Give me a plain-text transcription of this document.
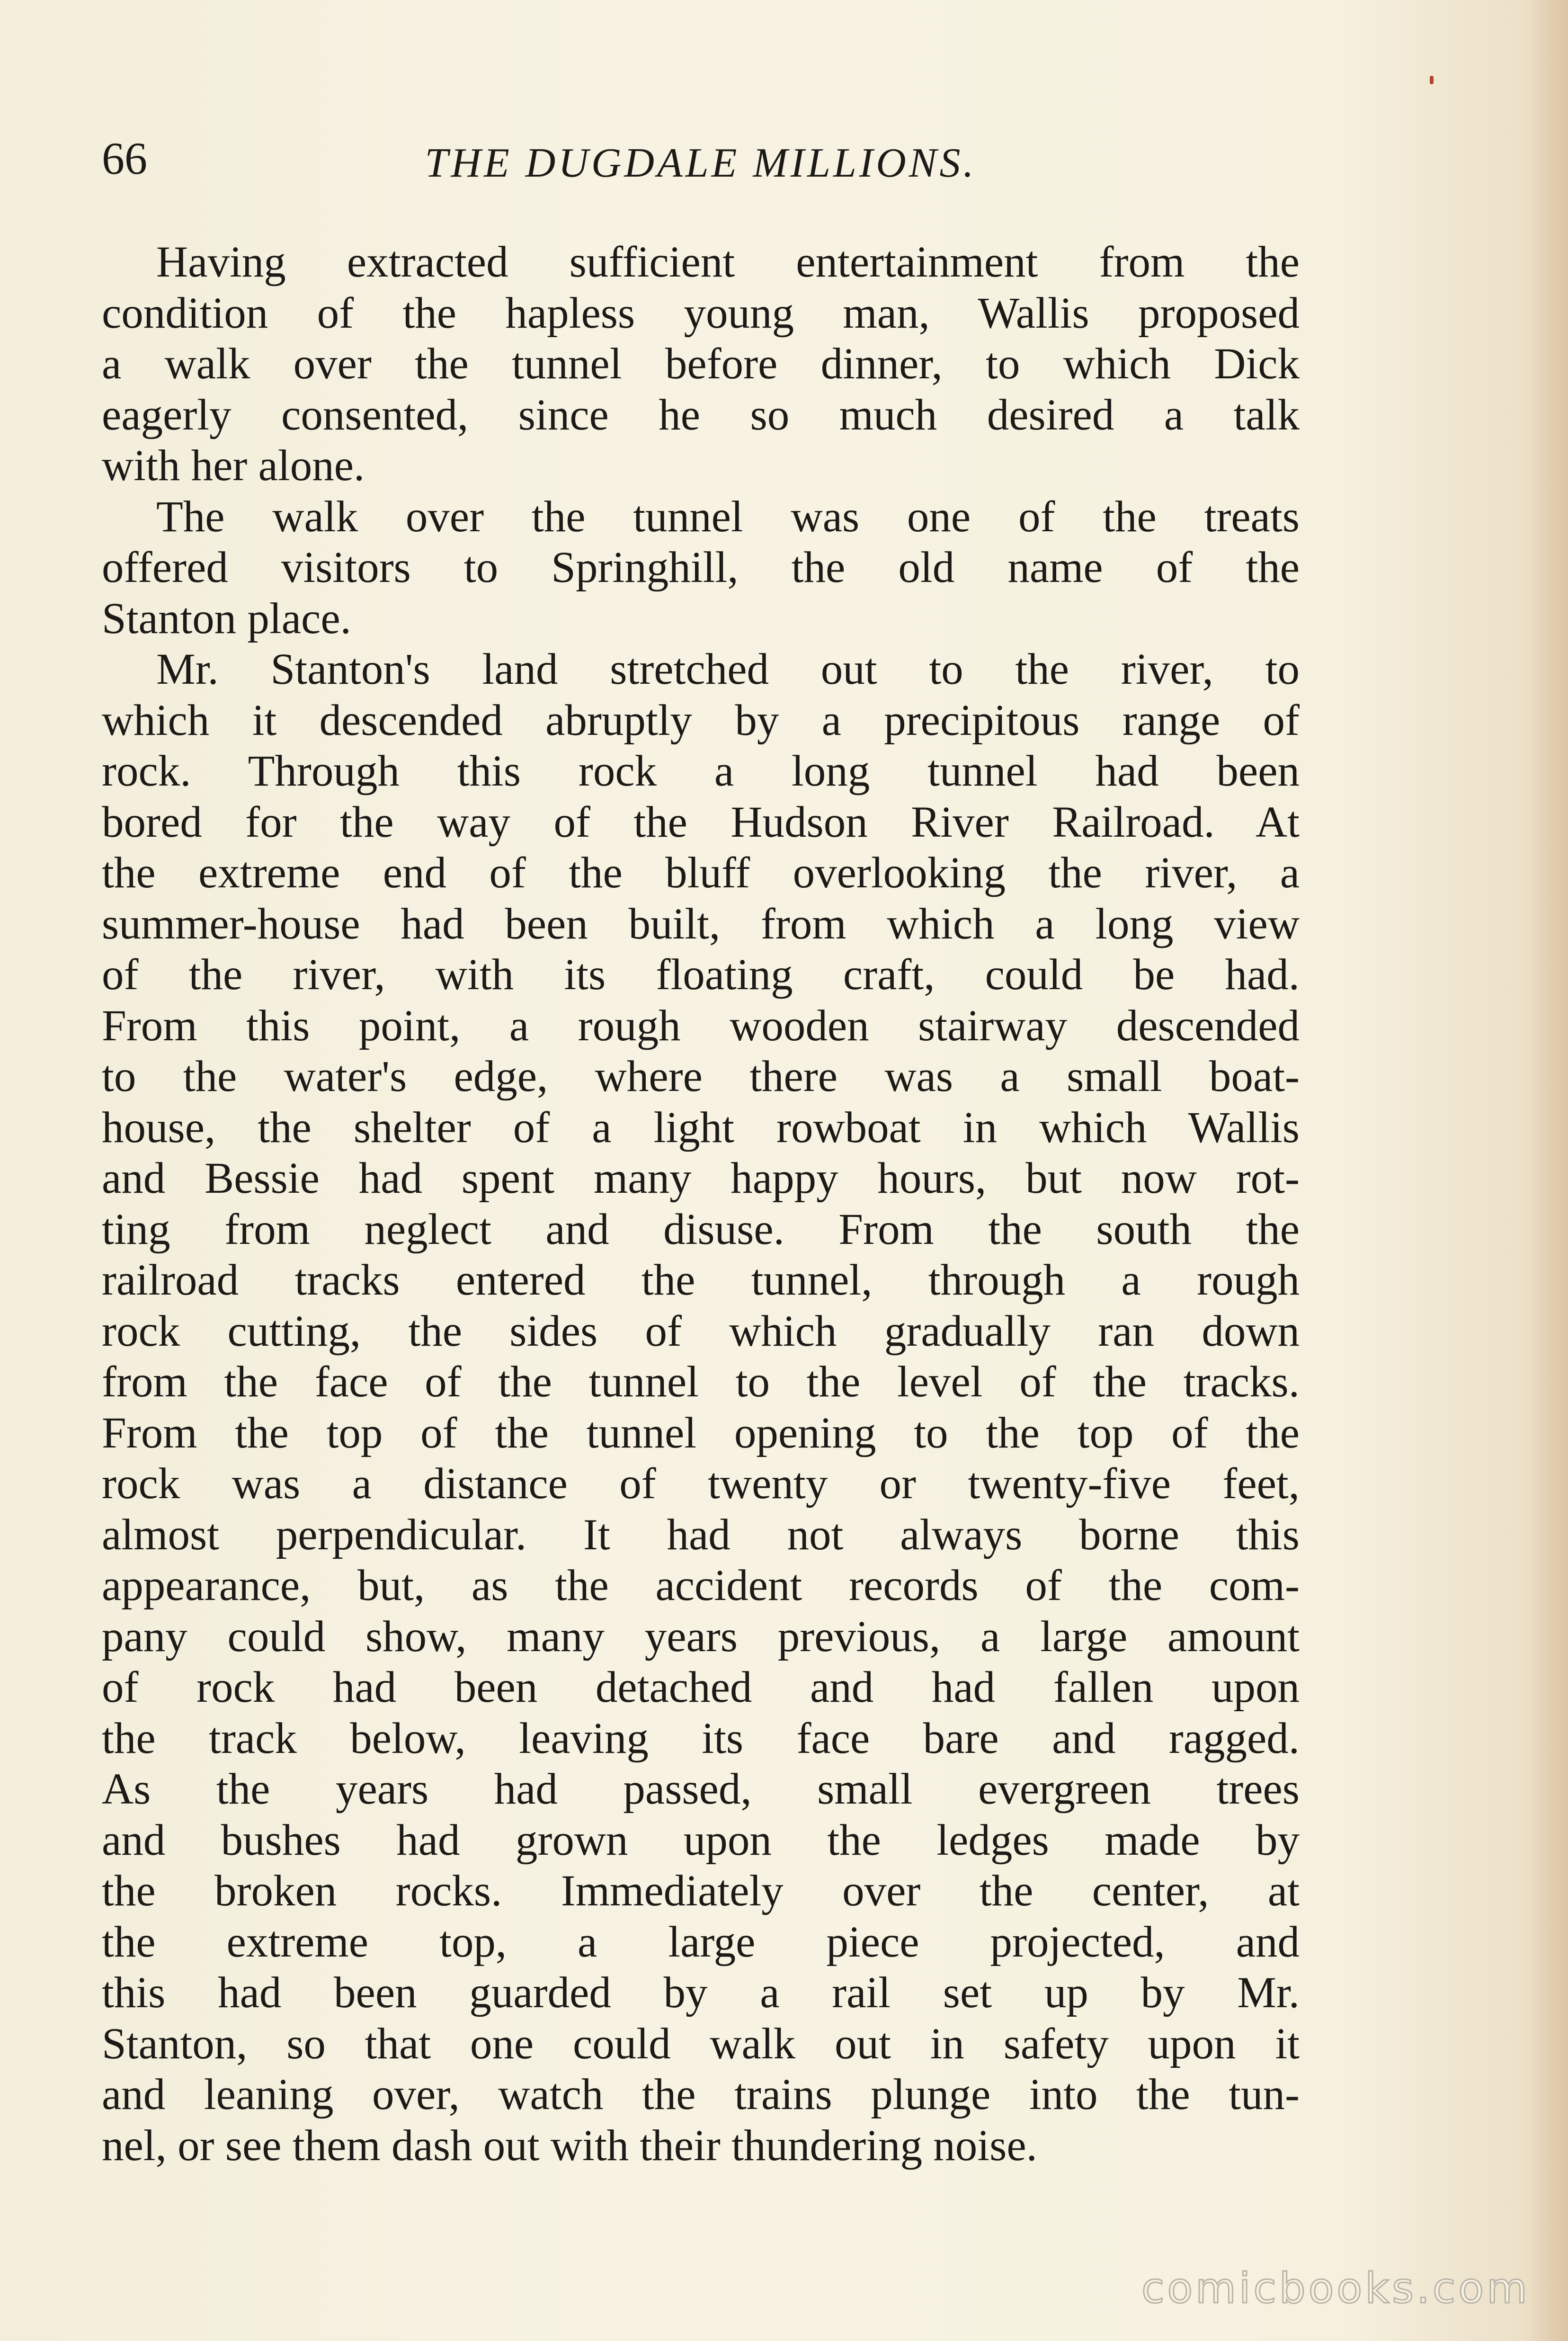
66	THE DUGDALE MILLIONS.
Having extracted sufficient entertainment from the
condition of the hapless young man, Wallis proposed
a walk over the tunnel before dinner, to which Dick
eagerly consented, since he so much desired a talk
with her alone.
The walk over the tunnel was one of the treats
offered visitors to Springhill, the old name of the
Stanton place.
Mr. Stanton's land stretched out to the river, to
which it descended abruptly by a precipitous range of
rock. Through this rock a long tunnel had been
bored for the way of the Hudson River Railroad. At
the extreme end of the bluff overlooking the river, a
summer-house had been built, from which a long view
of the river, with its floating craft, could be had.
From this point, a rough wooden stairway descended
to the water's edge, where there was a small boat-
house, the shelter of a light rowboat in which Wallis
and Bessie had spent many happy hours, but now rot-
ting from neglect and disuse. From the south the
railroad tracks entered the tunnel, through a rough
rock cutting, the sides of which gradually ran down
from the face of the tunnel to the level of the tracks.
From the top of the tunnel opening to the top of the
rock was a distance of twenty or twenty-five feet,
almost perpendicular. It had not always borne this
appearance, but, as the accident records of the com-
pany could show, many years previous, a large amount
of rock had been detached and had fallen upon
the track below, leaving its face bare and ragged.
As the years had passed, small evergreen trees
and bushes had grown upon the ledges made by
the broken rocks. Immediately over the center, at
the extreme top, a large piece projected, and
this had been guarded by a rail set up by Mr.
Stanton, so that one could walk out in safety upon it
and leaning over, watch the trains plunge into the tun-
nel, or see them dash out with their thundering noise.
comicbooks.com
